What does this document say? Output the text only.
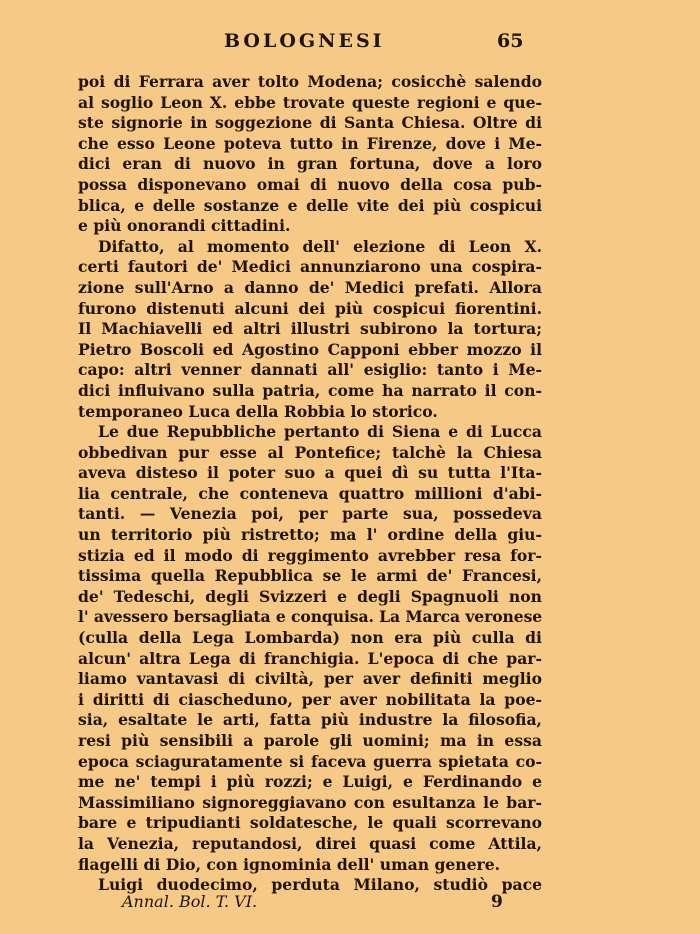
BOLOGNESI	65
poi di Ferrara aver tolto Modena; cosicchè salendo
al soglio Leon X. ebbe trovate queste regioni e que-
ste signorie in soggezione di Santa Chiesa. Oltre di
che esso Leone poteva tutto in Firenze, dove i Me-
dici eran di nuovo in gran fortuna, dove a loro
possa disponevano omai di nuovo della cosa pub-
blica, e delle sostanze e delle vite dei più cospicui
e più onorandi cittadini.
Difatto, al momento dell' elezione di Leon X.
certi fautori de' Medici annunziarono una cospira-
zione sull'Arno a danno de' Medici prefati. Allora
furono distenuti alcuni dei più cospicui fiorentini.
Il Machiavelli ed altri illustri subirono la tortura;
Pietro Boscoli ed Agostino Capponi ebber mozzo il
capo: altri venner dannati all' esiglio: tanto i Me-
dici influivano sulla patria, come ha narrato il con-
temporaneo Luca della Robbia lo storico.
Le due Repubbliche pertanto di Siena e di Lucca
obbedivan pur esse al Pontefice; talchè la Chiesa
aveva disteso il poter suo a quei dì su tutta l'Ita-
lia centrale, che conteneva quattro millioni d'abi-
tanti. — Venezia poi, per parte sua, possedeva
un territorio più ristretto; ma l' ordine della giu-
stizia ed il modo di reggimento avrebber resa for-
tissima quella Repubblica se le armi de' Francesi,
de' Tedeschi, degli Svizzeri e degli Spagnuoli non
l' avessero bersagliata e conquisa. La Marca veronese
(culla della Lega Lombarda) non era più culla di
alcun' altra Lega di franchigia. L'epoca di che par-
liamo vantavasi di civiltà, per aver definiti meglio
i diritti di ciascheduno, per aver nobilitata la poe-
sia, esaltate le arti, fatta più industre la filosofia,
resi più sensibili a parole gli uomini; ma in essa
epoca sciaguratamente si faceva guerra spietata co-
me ne' tempi i più rozzi; e Luigi, e Ferdinando e
Massimiliano signoreggiavano con esultanza le bar-
bare e tripudianti soldatesche, le quali scorrevano
la Venezia, reputandosi, direi quasi come Attila,
flagelli di Dio, con ignominia dell' uman genere.
Luigi duodecimo, perduta Milano, studiò pace
Annal. Bol. T. VI.	9
